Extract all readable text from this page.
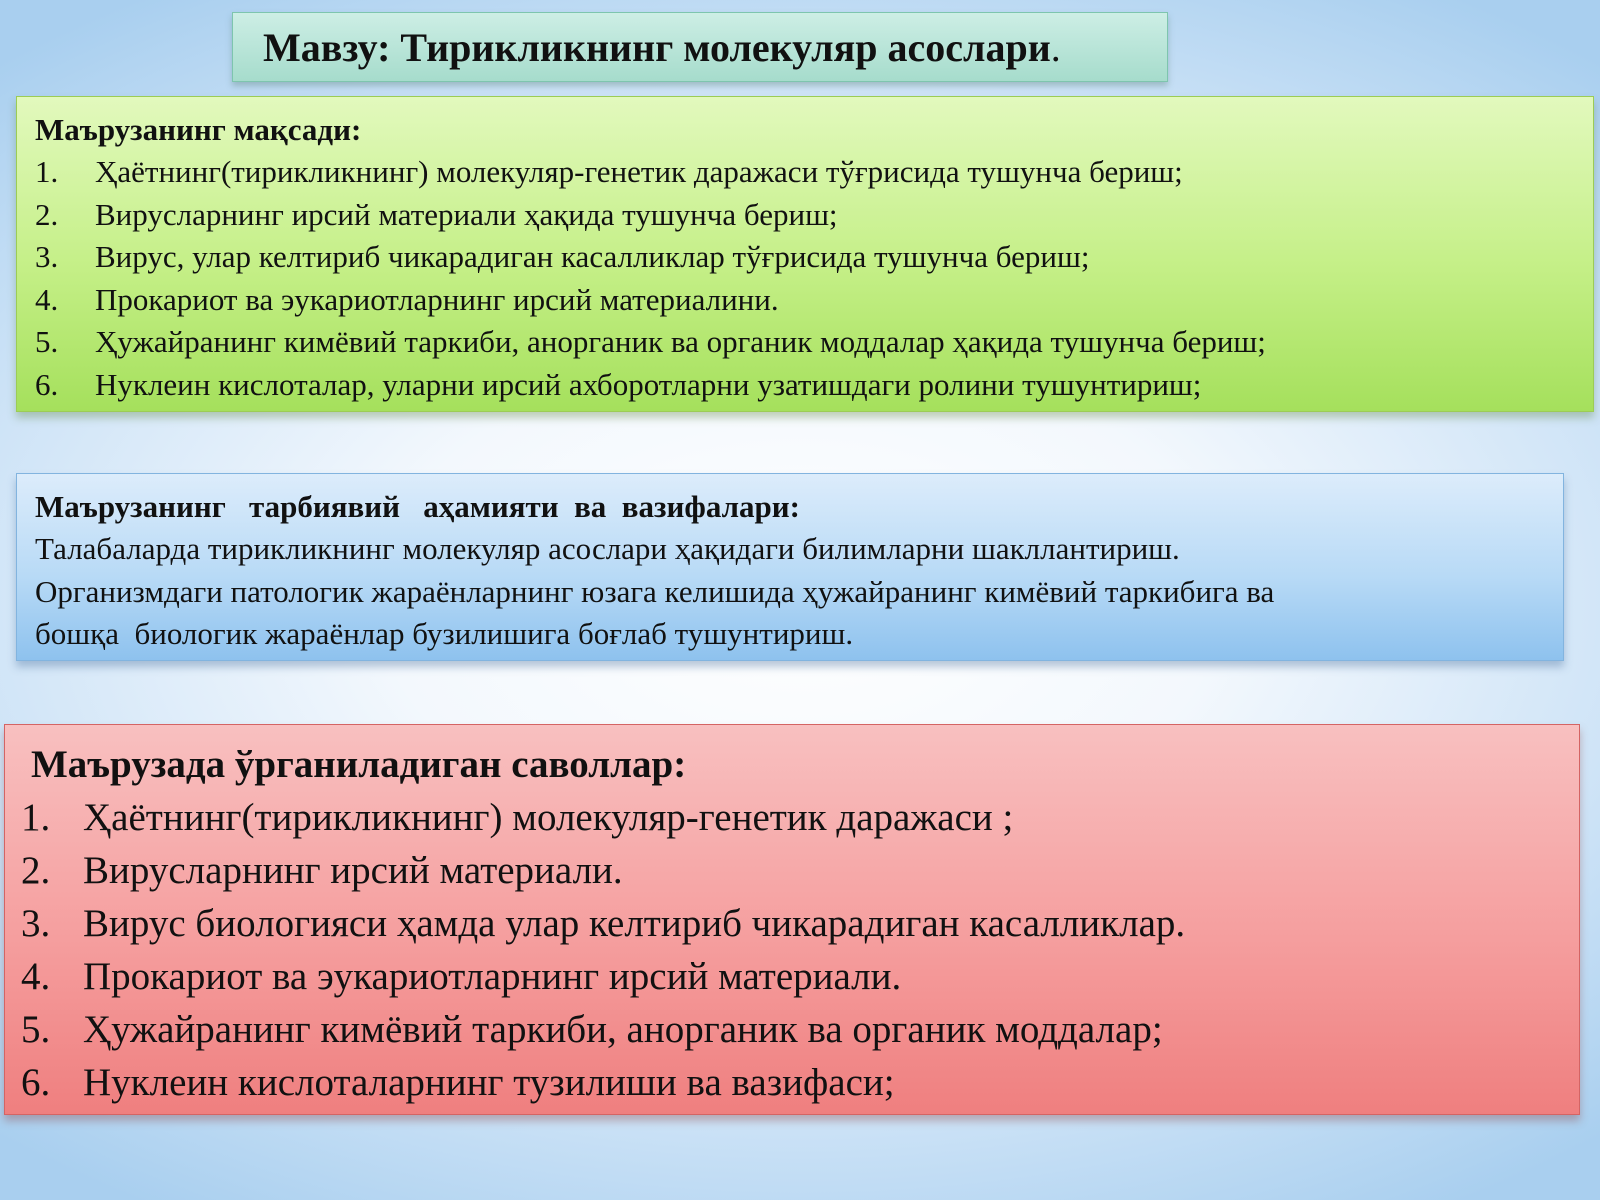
Мавзу: Тирикликнинг молекуляр асослари.
Маърузанинг мақсади:
1.	Ҳаётнинг(тирикликнинг) молекуляр-генетик даражаси тўғрисида тушунча бериш;
2.	Вирусларнинг ирсий материали ҳақида тушунча бериш;
3.	Вирус, улар келтириб чикарадиган касалликлар тўғрисида тушунча бериш;
4.	Прокариот ва эукариотларнинг ирсий материалини.
5.	Ҳужайранинг кимёвий таркиби, анорганик ва органик моддалар ҳақида тушунча бериш;
6.	Нуклеин кислоталар, уларни ирсий ахборотларни узатишдаги ролини тушунтириш;
Маърузанинг   тарбиявий   аҳамияти  ва  вазифалари:
Талабаларда тирикликнинг молекуляр асослари ҳақидаги билимларни шакллантириш.
Организмдаги патологик жараёнларнинг юзага келишида ҳужайранинг кимёвий таркибига ва
бошқа  биологик жараёнлар бузилишига боғлаб тушунтириш.
Маърузада ўрганиладиган саволлар:
1. Ҳаётнинг(тирикликнинг) молекуляр-генетик даражаси ;
2. Вирусларнинг ирсий материали.
3. Вирус биологияси ҳамда улар келтириб чикарадиган касалликлар.
4. Прокариот ва эукариотларнинг ирсий материали.
5. Ҳужайранинг кимёвий таркиби, анорганик ва органик моддалар;
6. Нуклеин кислоталарнинг тузилиши ва вазифаси;
